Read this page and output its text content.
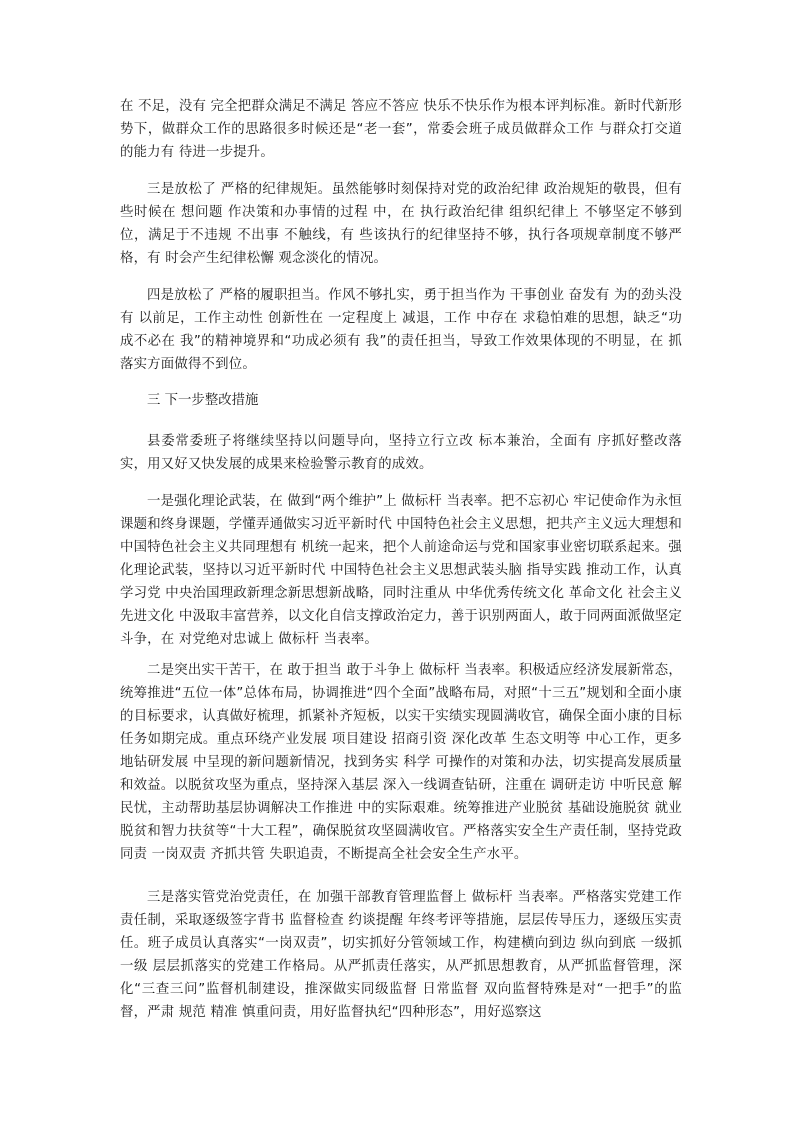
在 不足，没有 完全把群众满足不满足 答应不答应 快乐不快乐作为根本评判标准。新时代新形势下，做群众工作的思路很多时候还是“老一套”，常委会班子成员做群众工作 与群众打交道的能力有 待进一步提升。

三是放松了 严格的纪律规矩。虽然能够时刻保持对党的政治纪律 政治规矩的敬畏，但有 些时候在 想问题 作决策和办事情的过程 中，在 执行政治纪律 组织纪律上 不够坚定不够到位，满足于不违规 不出事 不触线，有 些该执行的纪律坚持不够，执行各项规章制度不够严格，有 时会产生纪律松懈 观念淡化的情况。

四是放松了 严格的履职担当。作风不够扎实，勇于担当作为 干事创业 奋发有 为的劲头没有 以前足，工作主动性 创新性在 一定程度上 减退，工作 中存在 求稳怕难的思想，缺乏“功成不必在 我”的精神境界和“功成必须有 我”的责任担当，导致工作效果体现的不明显，在 抓落实方面做得不到位。

三 下一步整改措施

县委常委班子将继续坚持以问题导向，坚持立行立改 标本兼治，全面有 序抓好整改落实，用又好又快发展的成果来检验警示教育的成效。

一是强化理论武装，在 做到“两个维护”上 做标杆 当表率。把不忘初心 牢记使命作为永恒课题和终身课题，学懂弄通做实习近平新时代 中国特色社会主义思想，把共产主义远大理想和 中国特色社会主义共同理想有 机统一起来，把个人前途命运与党和国家事业密切联系起来。强化理论武装，坚持以习近平新时代 中国特色社会主义思想武装头脑 指导实践 推动工作，认真 学习党 中央治国理政新理念新思想新战略，同时注重从 中华优秀传统文化 革命文化 社会主义先进文化 中汲取丰富营养，以文化自信支撑政治定力，善于识别两面人，敢于同两面派做坚定斗争，在 对党绝对忠诚上 做标杆 当表率。

二是突出实干苦干，在 敢于担当 敢于斗争上 做标杆 当表率。积极适应经济发展新常态，统筹推进“五位一体”总体布局，协调推进“四个全面”战略布局，对照“十三五”规划和全面小康的目标要求，认真做好梳理，抓紧补齐短板，以实干实绩实现圆满收官，确保全面小康的目标任务如期完成。重点环绕产业发展 项目建设 招商引资 深化改革 生态文明等 中心工作，更多地钻研发展 中呈现的新问题新情况，找到务实 科学 可操作的对策和办法，切实提高发展质量和效益。以脱贫攻坚为重点，坚持深入基层 深入一线调查钻研，注重在 调研走访 中听民意 解民忧，主动帮助基层协调解决工作推进 中的实际艰难。统筹推进产业脱贫 基础设施脱贫 就业脱贫和智力扶贫等“十大工程”，确保脱贫攻坚圆满收官。严格落实安全生产责任制，坚持党政同责 一岗双责 齐抓共管 失职追责，不断提高全社会安全生产水平。

三是落实管党治党责任，在 加强干部教育管理监督上 做标杆 当表率。严格落实党建工作责任制，采取逐级签字背书 监督检查 约谈提醒 年终考评等措施，层层传导压力，逐级压实责任。班子成员认真落实“一岗双责”，切实抓好分管领域工作，构建横向到边 纵向到底 一级抓一级 层层抓落实的党建工作格局。从严抓责任落实，从严抓思想教育，从严抓监督管理，深化“三查三问”监督机制建设，推深做实同级监督 日常监督 双向监督特殊是对“一把手”的监督，严肃 规范 精准 慎重问责，用好监督执纪“四种形态”，用好巡察这
